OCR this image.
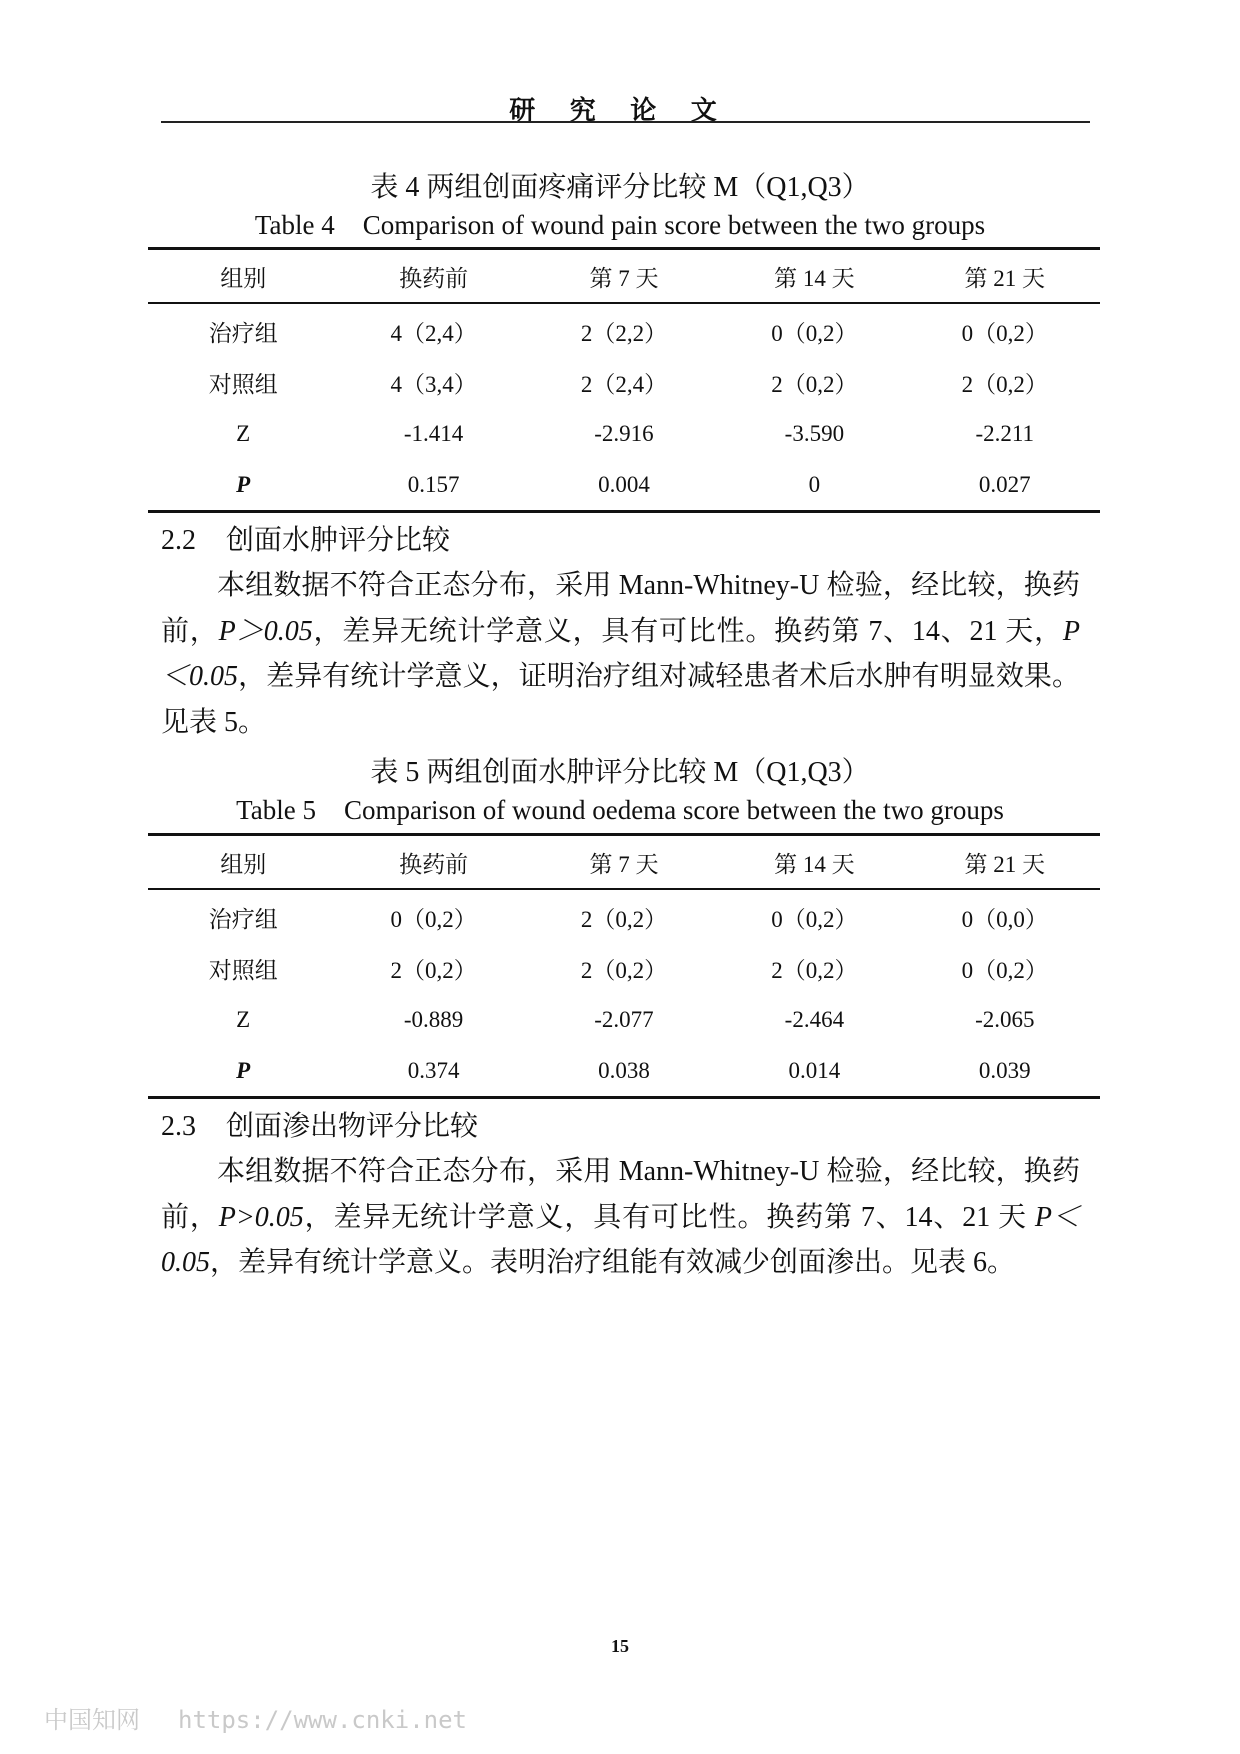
研 究 论 文
表 4 两组创面疼痛评分比较 M（Q1,Q3）
Table 4 Comparison of wound pain score between the two groups
组别	换药前	第 7 天	第 14 天	第 21 天
治疗组	4（2,4）	2（2,2）	0（0,2）	0（0,2）
对照组	4（3,4）	2（2,4）	2（0,2）	2（0,2）
Z	-1.414	-2.916	-3.590	-2.211
P	0.157	0.004	0	0.027
2.2 创面水肿评分比较

本组数据不符合正态分布，采用 Mann-Whitney-U 检验，经比较，换药前，P＞0.05，差异无统计学意义，具有可比性。换药第 7、14、21 天，P＜0.05，差异有统计学意义，证明治疗组对减轻患者术后水肿有明显效果。见表 5。

表 5 两组创面水肿评分比较 M（Q1,Q3）
Table 5 Comparison of wound oedema score between the two groups
组别	换药前	第 7 天	第 14 天	第 21 天
治疗组	0（0,2）	2（0,2）	0（0,2）	0（0,0）
对照组	2（0,2）	2（0,2）	2（0,2）	0（0,2）
Z	-0.889	-2.077	-2.464	-2.065
P	0.374	0.038	0.014	0.039
2.3 创面渗出物评分比较

本组数据不符合正态分布，采用 Mann-Whitney-U 检验，经比较，换药前，P>0.05，差异无统计学意义，具有可比性。换药第 7、14、21 天 P＜0.05，差异有统计学意义。表明治疗组能有效减少创面渗出。见表 6。

15
中国知网 https://www.cnki.net
